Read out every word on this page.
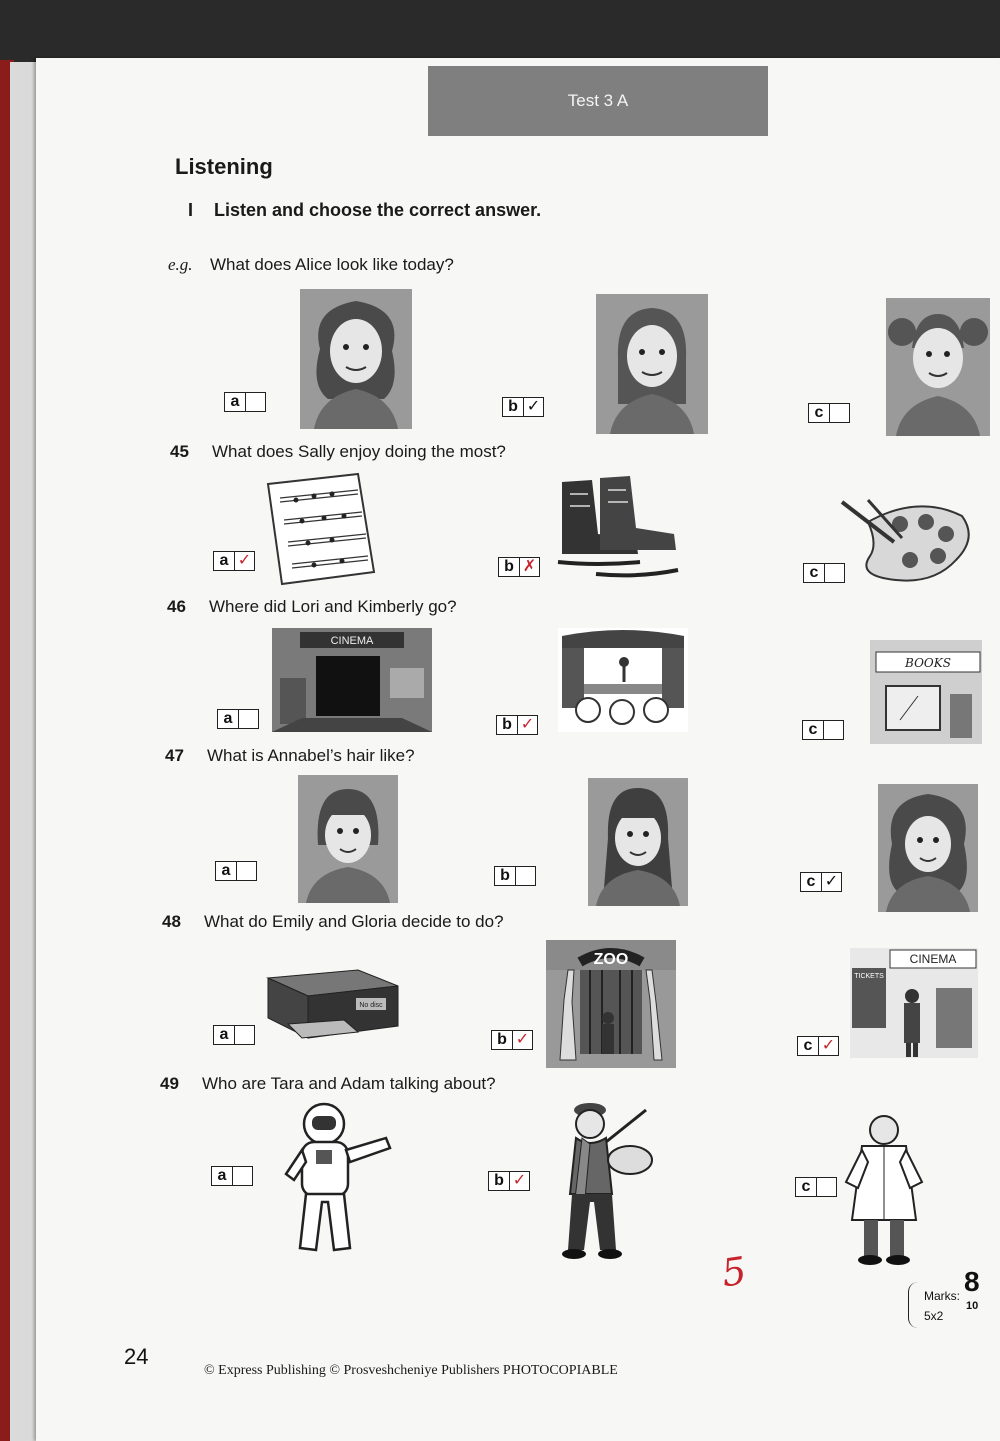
Test 3 A
Listening
I Listen and choose the correct answer.
e.g. What does Alice look like today?
a	b ✓	c
45 What does Sally enjoy doing the most?
a ✓	b ✗	c
46 Where did Lori and Kimberly go?
a	b ✓	c
CINEMA
BOOKS
47 What is Annabel’s hair like?
a	b	c ✓
48 What do Emily and Gloria decide to do?
a	b ✓	c ✓
No disc
ZOO	CINEMA
TICKETS
49 Who are Tara and Adam talking about?
a	b ✓	c
5
Marks:
5x2
8
10
24
© Express Publishing © Prosveshcheniye Publishers PHOTOCOPIABLE
